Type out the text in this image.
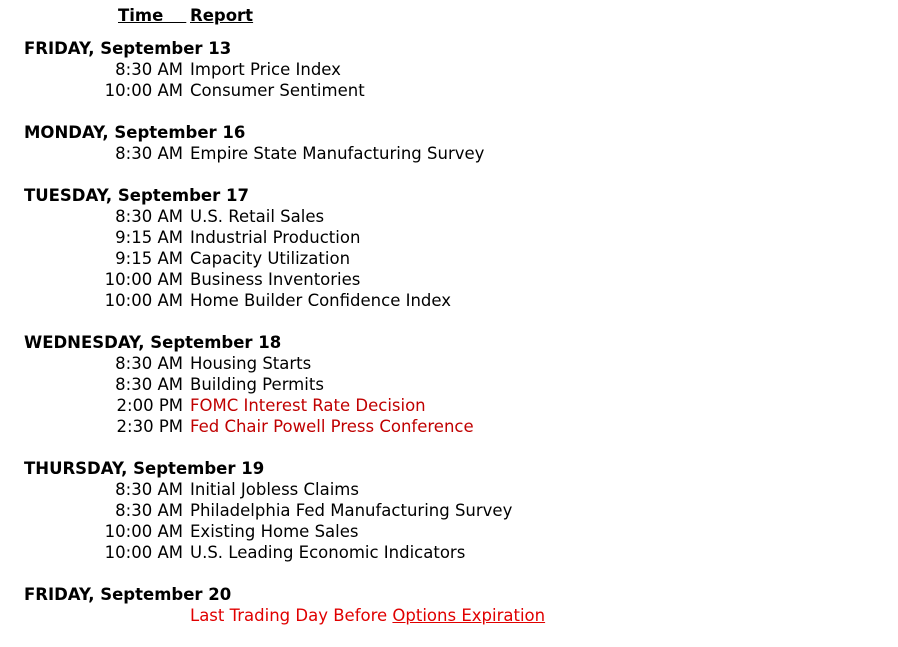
Time Report
FRIDAY, September 13
8:30 AM Import Price Index
10:00 AM Consumer Sentiment
MONDAY, September 16
8:30 AM Empire State Manufacturing Survey
TUESDAY, September 17
8:30 AM U.S. Retail Sales
9:15 AM Industrial Production
9:15 AM Capacity Utilization
10:00 AM Business Inventories
10:00 AM Home Builder Confidence Index
WEDNESDAY, September 18
8:30 AM Housing Starts
8:30 AM Building Permits
2:00 PM FOMC Interest Rate Decision
2:30 PM Fed Chair Powell Press Conference
THURSDAY, September 19
8:30 AM Initial Jobless Claims
8:30 AM Philadelphia Fed Manufacturing Survey
10:00 AM Existing Home Sales
10:00 AM U.S. Leading Economic Indicators
FRIDAY, September 20
Last Trading Day Before Options Expiration
